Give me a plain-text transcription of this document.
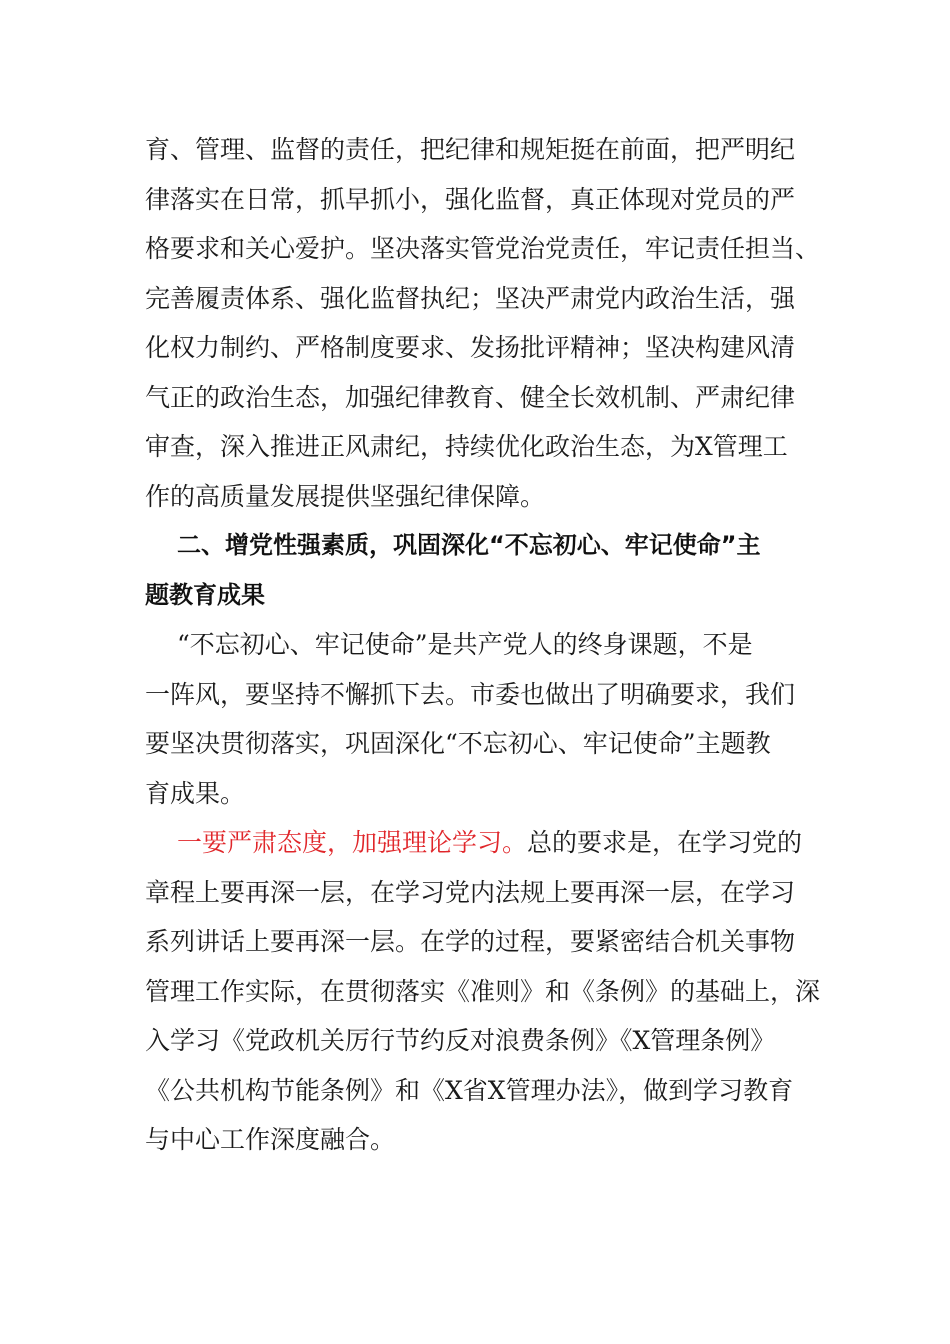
育、管理、监督的责任，把纪律和规矩挺在前面，把严明纪
律落实在日常，抓早抓小，强化监督，真正体现对党员的严
格要求和关心爱护。坚决落实管党治党责任，牢记责任担当、
完善履责体系、强化监督执纪；坚决严肃党内政治生活，强
化权力制约、严格制度要求、发扬批评精神；坚决构建风清
气正的政治生态，加强纪律教育、健全长效机制、严肃纪律
审查，深入推进正风肃纪，持续优化政治生态，为X管理工
作的高质量发展提供坚强纪律保障。
二、增党性强素质，巩固深化“不忘初心、牢记使命”主
题教育成果
“不忘初心、牢记使命”是共产党人的终身课题，不是
一阵风，要坚持不懈抓下去。市委也做出了明确要求，我们
要坚决贯彻落实，巩固深化“不忘初心、牢记使命”主题教
育成果。
一要严肃态度，加强理论学习。总的要求是，在学习党的
章程上要再深一层，在学习党内法规上要再深一层，在学习
系列讲话上要再深一层。在学的过程，要紧密结合机关事物
管理工作实际，在贯彻落实《准则》和《条例》的基础上，深
入学习《党政机关厉行节约反对浪费条例》《X管理条例》
《公共机构节能条例》和《X省X管理办法》，做到学习教育
与中心工作深度融合。
